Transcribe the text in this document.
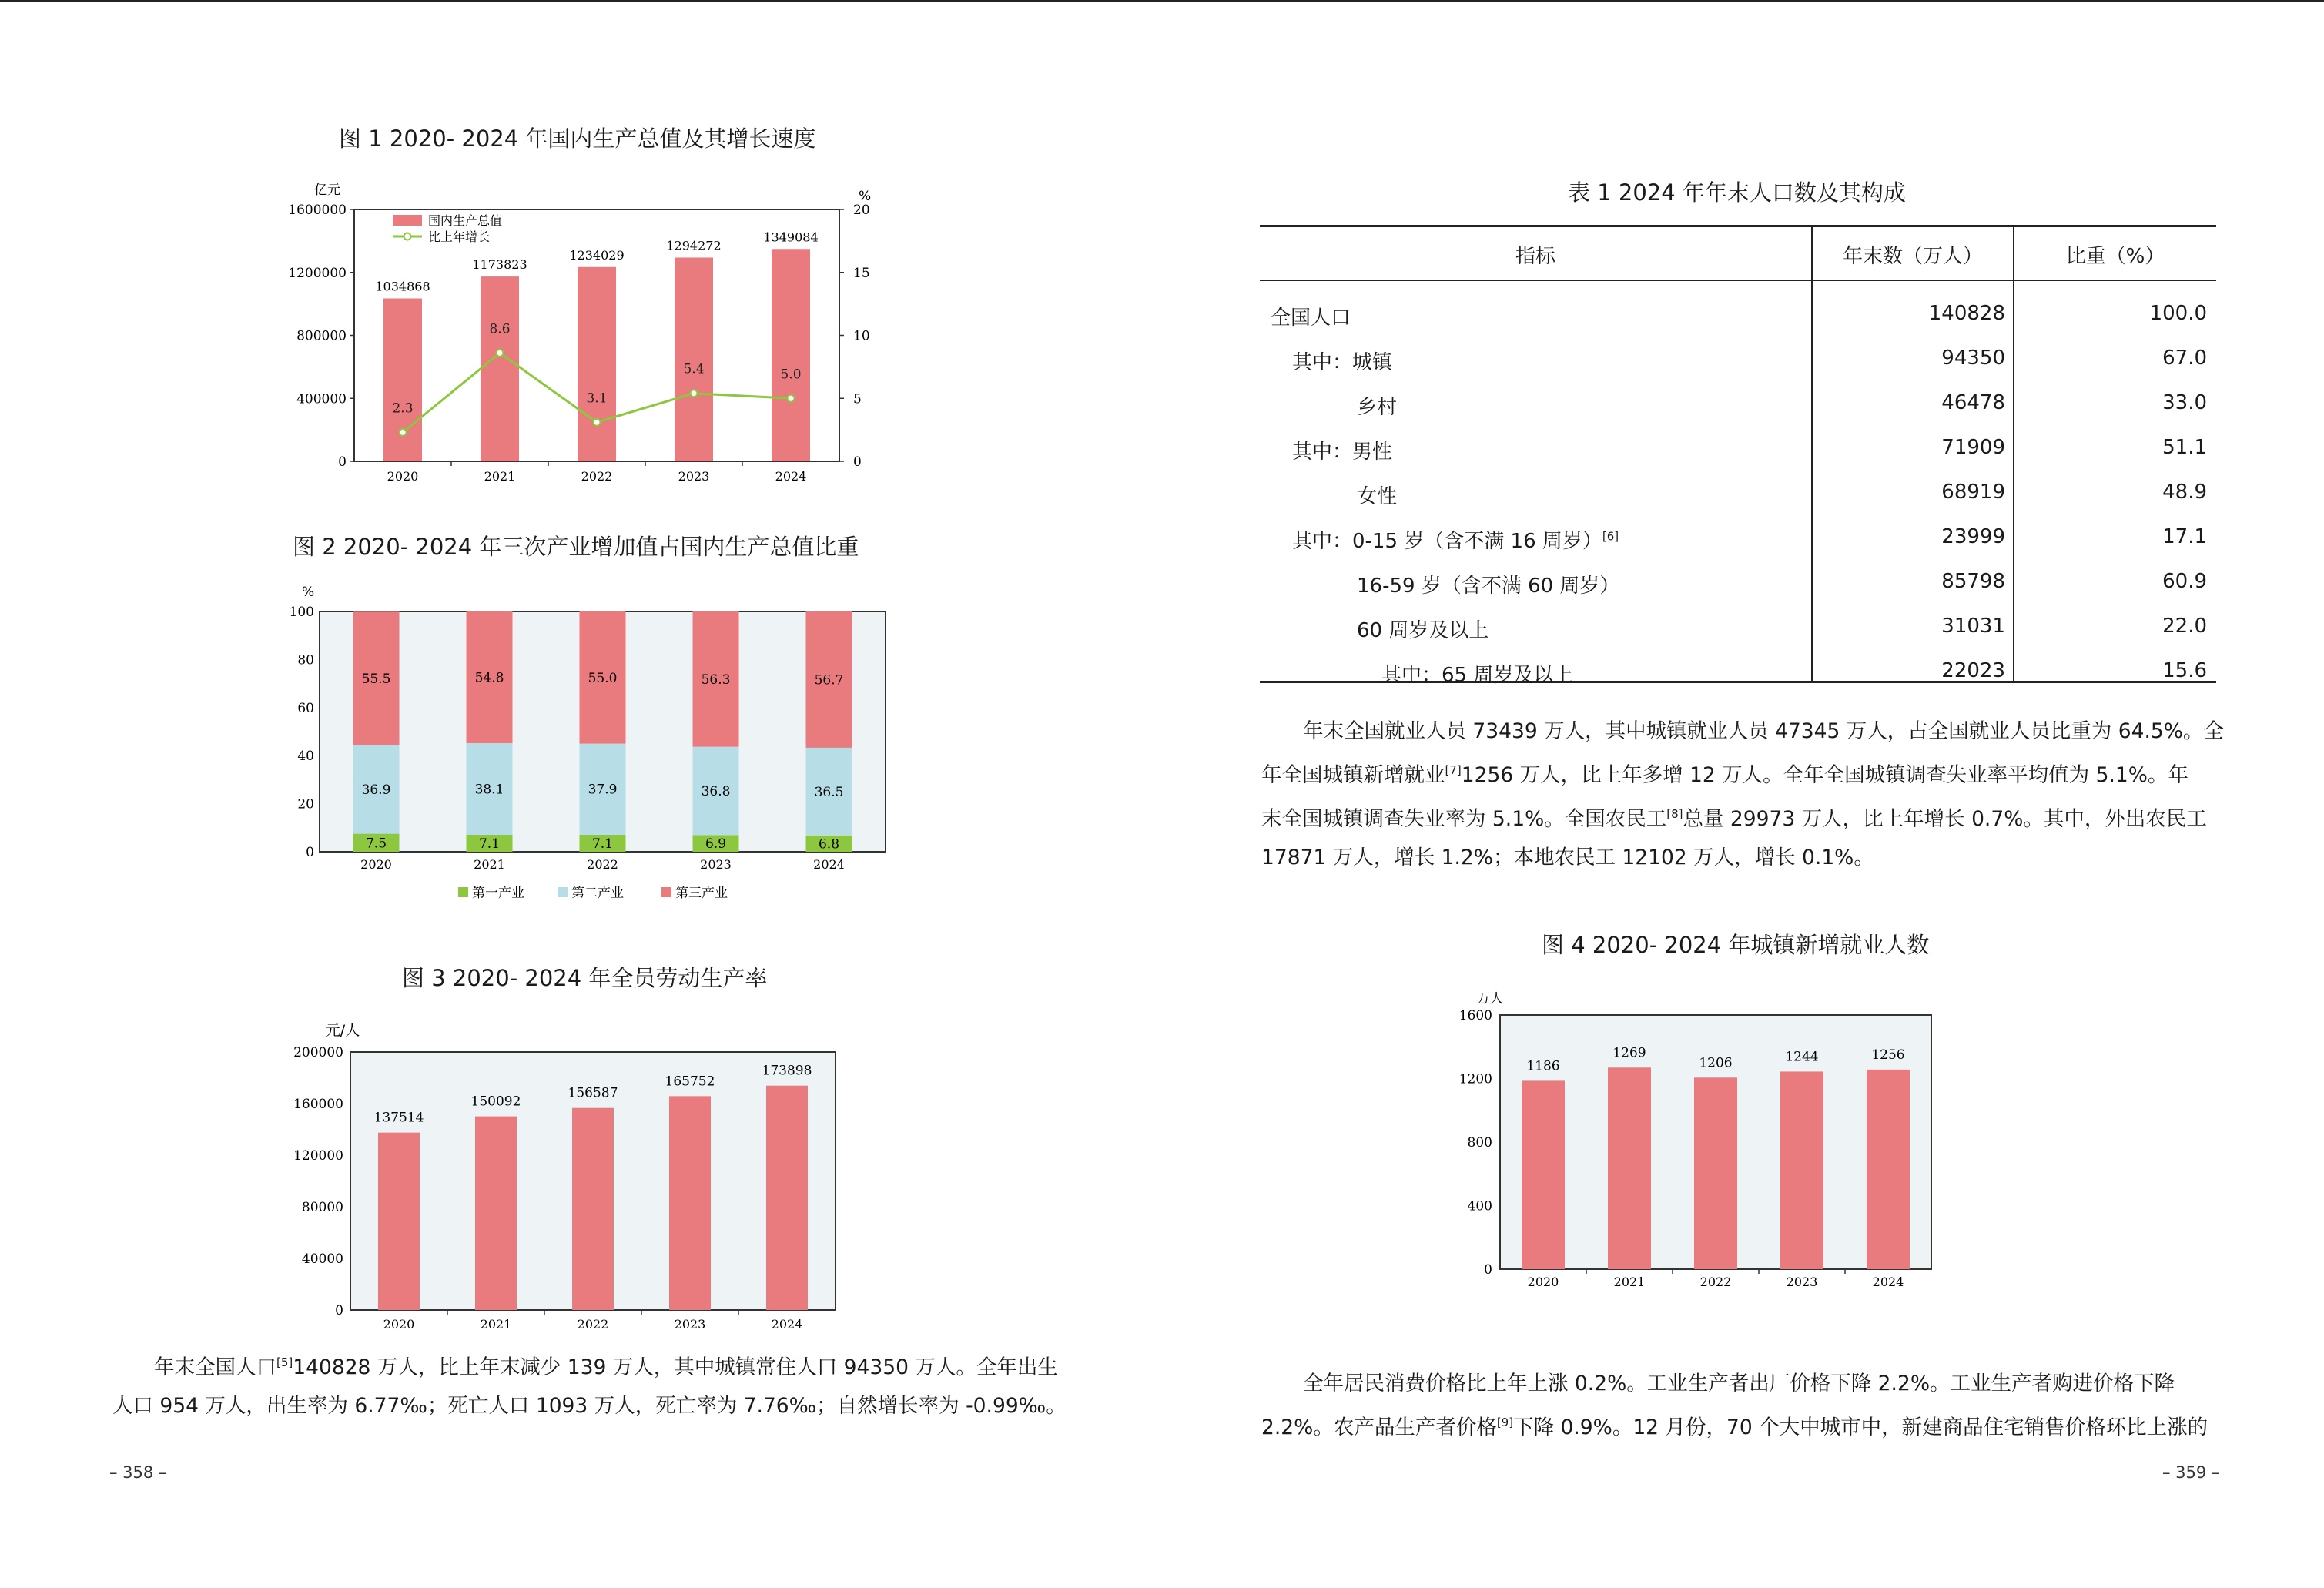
图 1 2020- 2024 年国内生产总值及其增长速度
亿元	%
1600000
1200000
800000
400000
0
20
15
10
5
0
1034868
1173823
1234029
1294272
1349084
2.3
8.6
3.1
5.4	5.0
2020	2021	2022	2023	2024
国内生产总值
比上年增长
图 2 2020- 2024 年三次产业增加值占国内生产总值比重
%
100
80
60
40
20
0
7.5
36.9
55.5
7.1
38.1
54.8
7.1
37.9
55.0
6.9
36.8
56.3
6.8
36.5
56.7
2020	2021	2022	2023	2024
第一产业	第二产业	第三产业
图 3 2020- 2024 年全员劳动生产率
元/人
200000
160000
120000
80000
40000
0
137514
150092
156587
165752
173898
2020	2021	2022	2023	2024
年末全国人口[5]140828 万人，比上年末减少 139 万人，其中城镇常住人口 94350 万人。全年出生
人口 954 万人，出生率为 6.77‰；死亡人口 1093 万人，死亡率为 7.76‰；自然增长率为 -0.99‰。
– 358 –
表 1 2024 年年末人口数及其构成
指标	年末数（万人）	比重（%）
全国人口	140828	100.0
其中：城镇	94350	67.0
乡村	46478	33.0
其中：男性	71909	51.1
女性	68919	48.9
其中：0-15 岁（含不满 16 周岁）[6]	23999	17.1
16-59 岁（含不满 60 周岁）	85798	60.9
60 周岁及以上	31031	22.0
其中：65 周岁及以上	22023	15.6
年末全国就业人员 73439 万人，其中城镇就业人员 47345 万人，占全国就业人员比重为 64.5%。全
年全国城镇新增就业[7]1256 万人，比上年多增 12 万人。全年全国城镇调查失业率平均值为 5.1%。年
末全国城镇调查失业率为 5.1%。全国农民工[8]总量 29973 万人，比上年增长 0.7%。其中，外出农民工
17871 万人，增长 1.2%；本地农民工 12102 万人，增长 0.1%。
图 4 2020- 2024 年城镇新增就业人数
万人
1600
1200
800
400
0
1186
1269
1206	1244	1256
2020	2021	2022	2023	2024
全年居民消费价格比上年上涨 0.2%。工业生产者出厂价格下降 2.2%。工业生产者购进价格下降
2.2%。农产品生产者价格[9]下降 0.9%。12 月份，70 个大中城市中，新建商品住宅销售价格环比上涨的
– 359 –
